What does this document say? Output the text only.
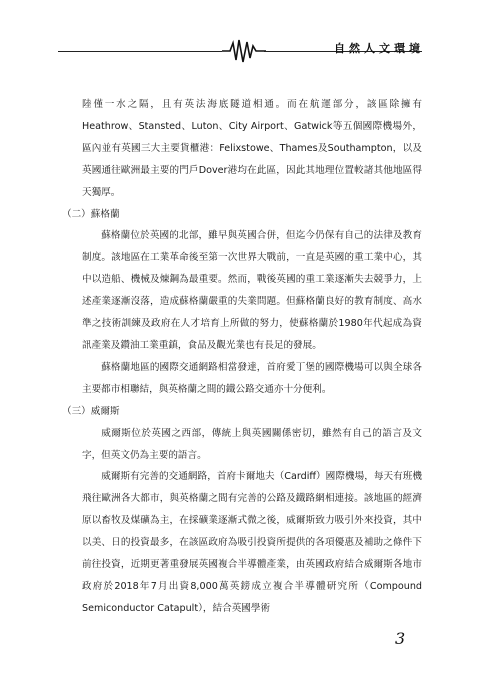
自然人文環境

陸僅一水之隔，且有英法海底隧道相通。而在航運部分，該區除擁有Heathrow、Stansted、Luton、City Airport、Gatwick等五個國際機場外，區內並有英國三大主要貨櫃港：Felixstowe、Thames及Southampton，以及英國通往歐洲最主要的門戶Dover港均在此區，因此其地理位置較諸其他地區得天獨厚。

（二）蘇格蘭

蘇格蘭位於英國的北部，雖早與英國合併，但迄今仍保有自己的法律及教育制度。該地區在工業革命後至第一次世界大戰前，一直是英國的重工業中心，其中以造船、機械及煉鋼為最重要。然而，戰後英國的重工業逐漸失去競爭力，上述產業逐漸沒落，造成蘇格蘭嚴重的失業問題。但蘇格蘭良好的教育制度、高水準之技術訓練及政府在人才培育上所做的努力，使蘇格蘭於1980年代起成為資訊產業及鑽油工業重鎮，食品及觀光業也有長足的發展。

蘇格蘭地區的國際交通網路相當發達，首府愛丁堡的國際機場可以與全球各主要都市相聯結，與英格蘭之間的鐵公路交通亦十分便利。

（三）威爾斯

威爾斯位於英國之西部，傳統上與英國關係密切，雖然有自己的語言及文字，但英文仍為主要的語言。

威爾斯有完善的交通網路，首府卡爾地夫（Cardiff）國際機場，每天有班機飛往歐洲各大都市，與英格蘭之間有完善的公路及鐵路網相連接。該地區的經濟原以畜牧及煤礦為主，在採礦業逐漸式微之後，威爾斯致力吸引外來投資，其中以美、日的投資最多，在該區政府為吸引投資所提供的各項優惠及補助之條件下前往投資，近期更著重發展英國複合半導體產業，由英國政府結合威爾斯各地市政府於2018年7月出資8,000萬英鎊成立複合半導體研究所（Compound Semiconductor Catapult），結合英國學術

3
